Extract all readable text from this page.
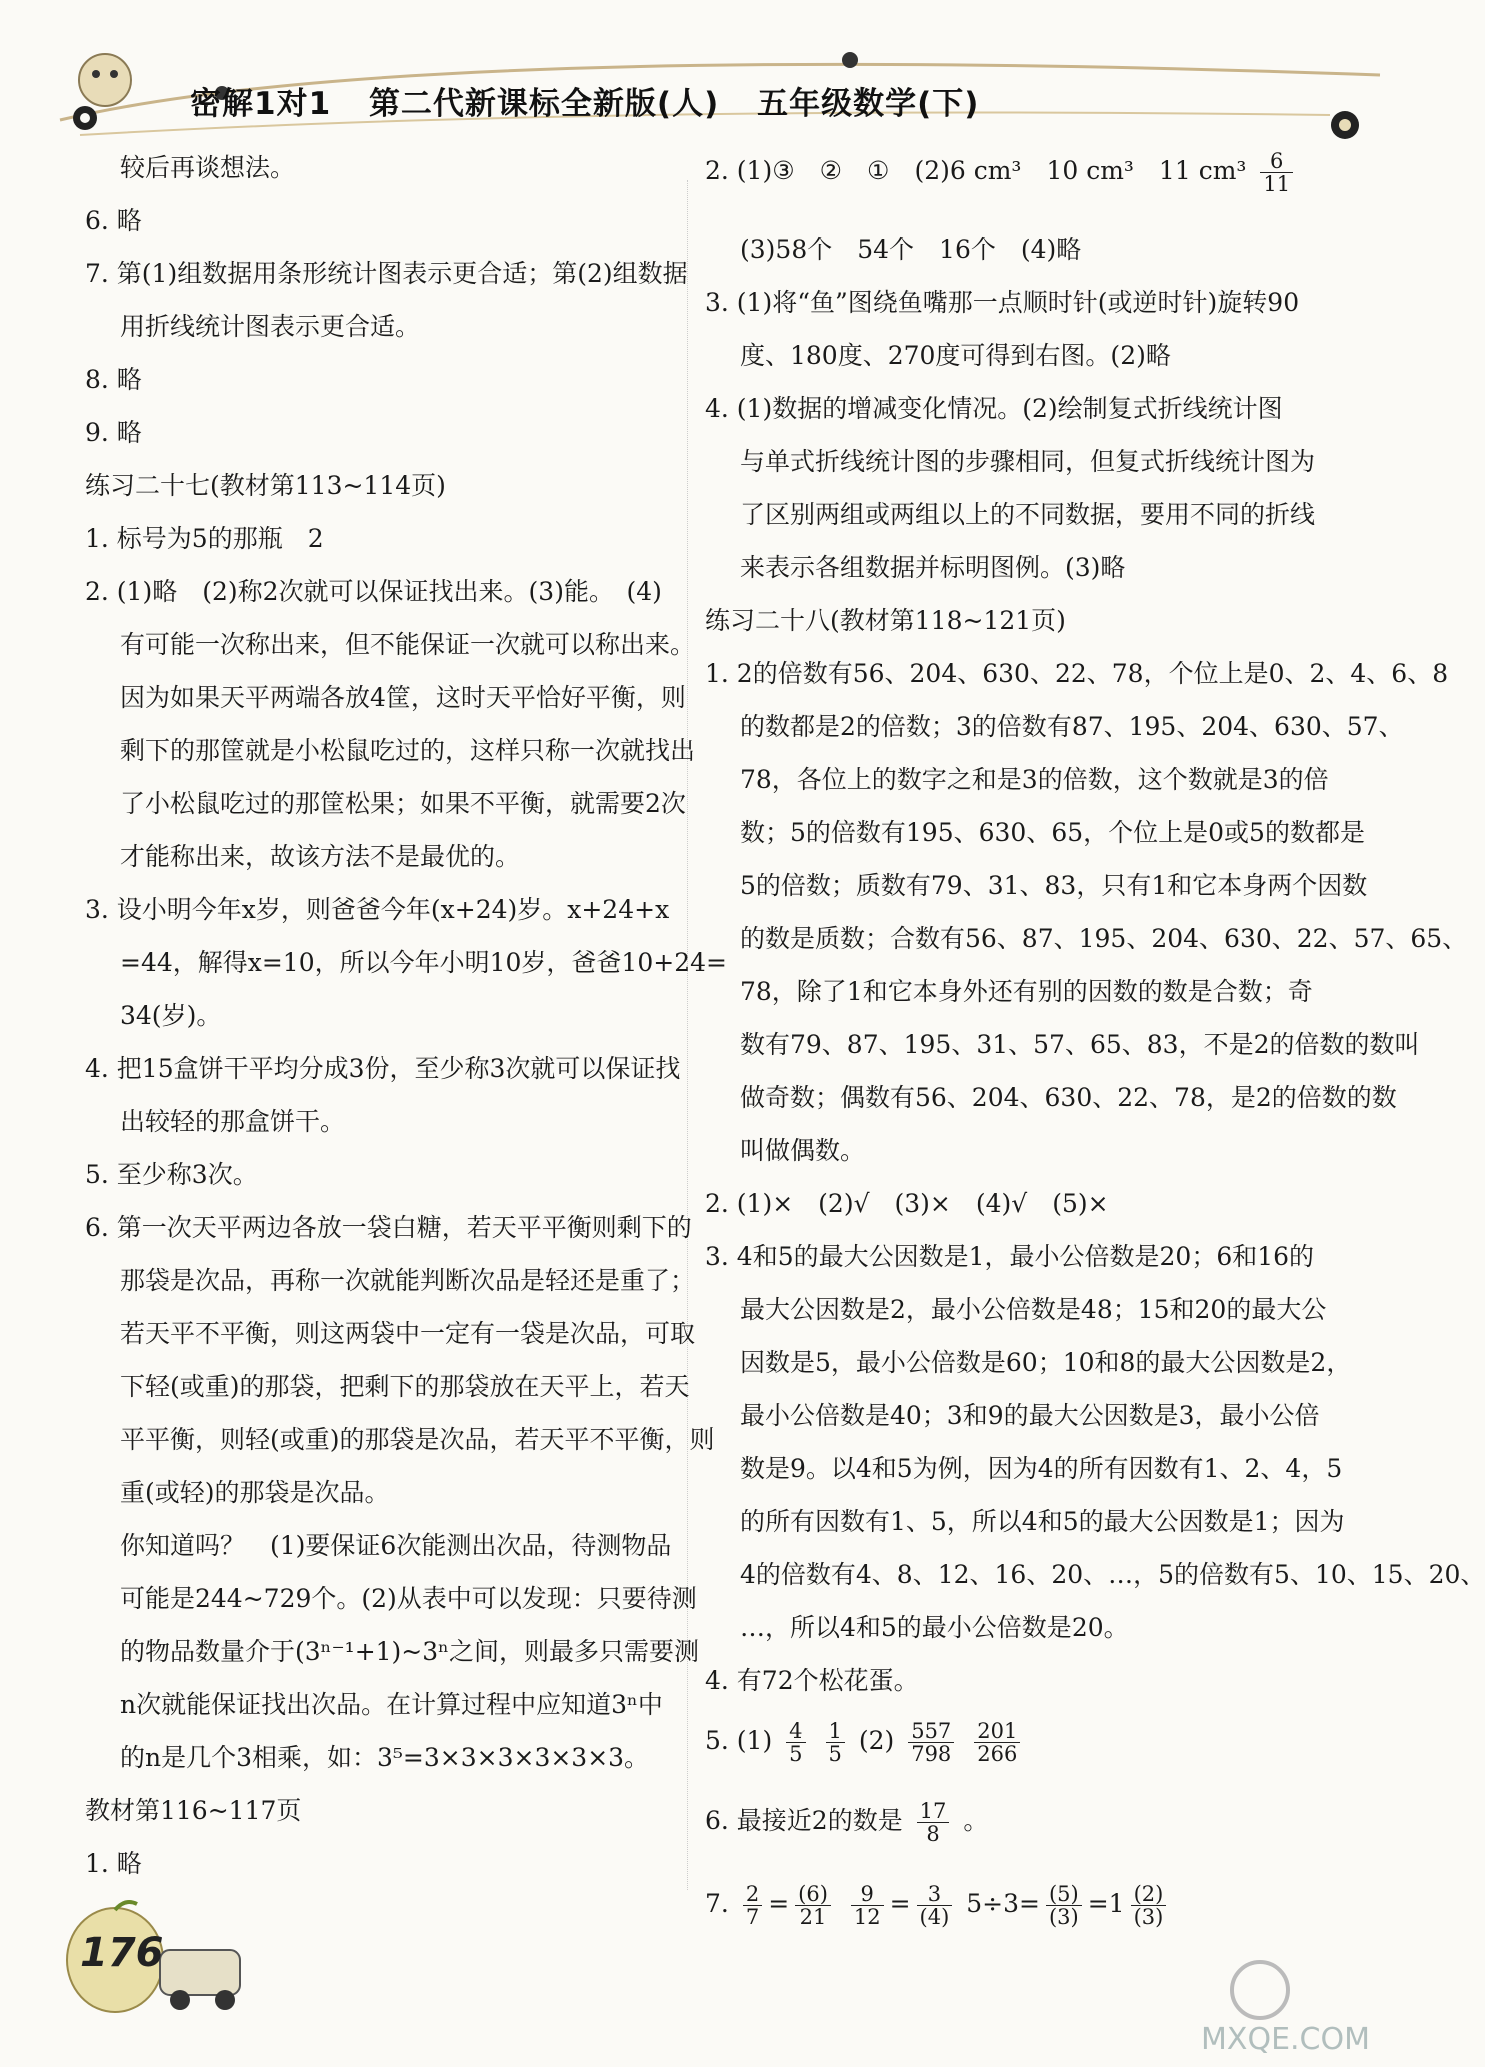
密解1对1 第二代新课标全新版(人) 五年级数学(下)
较后再谈想法。
6. 略
7. 第(1)组数据用条形统计图表示更合适；第(2)组数据
用折线统计图表示更合适。
8. 略
9. 略
练习二十七(教材第113~114页)
1. 标号为5的那瓶　2
2. (1)略　(2)称2次就可以保证找出来。(3)能。　(4)
有可能一次称出来，但不能保证一次就可以称出来。
因为如果天平两端各放4筐，这时天平恰好平衡，则
剩下的那筐就是小松鼠吃过的，这样只称一次就找出
了小松鼠吃过的那筐松果；如果不平衡，就需要2次
才能称出来，故该方法不是最优的。
3. 设小明今年x岁，则爸爸今年(x+24)岁。x+24+x
=44，解得x=10，所以今年小明10岁，爸爸10+24=
34(岁)。
4. 把15盒饼干平均分成3份，至少称3次就可以保证找
出较轻的那盒饼干。
5. 至少称3次。
6. 第一次天平两边各放一袋白糖，若天平平衡则剩下的
那袋是次品，再称一次就能判断次品是轻还是重了；
若天平不平衡，则这两袋中一定有一袋是次品，可取
下轻(或重)的那袋，把剩下的那袋放在天平上，若天
平平衡，则轻(或重)的那袋是次品，若天平不平衡，则
重(或轻)的那袋是次品。
你知道吗？　(1)要保证6次能测出次品，待测物品
可能是244~729个。(2)从表中可以发现：只要待测
的物品数量介于(3ⁿ⁻¹+1)~3ⁿ之间，则最多只需要测
n次就能保证找出次品。在计算过程中应知道3ⁿ中
的n是几个3相乘，如：3⁵=3×3×3×3×3×3。
教材第116~117页
1. 略
2. (1)③　②　①　(2)6 cm³　10 cm³　11 $cm^3 \frac{6}{11}$
(3)58个　54个　16个　(4)略
3. (1)将“鱼”图绕鱼嘴那一点顺时针(或逆时针)旋转90
度、180度、270度可得到右图。(2)略
4. (1)数据的增减变化情况。(2)绘制复式折线统计图
与单式折线统计图的步骤相同，但复式折线统计图为
了区别两组或两组以上的不同数据，要用不同的折线
来表示各组数据并标明图例。(3)略
练习二十八(教材第118~121页)
1. 2的倍数有56、204、630、22、78，个位上是0、2、4、6、8
的数都是2的倍数；3的倍数有87、195、204、630、57、
78，各位上的数字之和是3的倍数，这个数就是3的倍
数；5的倍数有195、630、65，个位上是0或5的数都是
5的倍数；质数有79、31、83，只有1和它本身两个因数
的数是质数；合数有56、87、195、204、630、22、57、65、
78，除了1和它本身外还有别的因数的数是合数；奇
数有79、87、195、31、57、65、83，不是2的倍数的数叫
做奇数；偶数有56、204、630、22、78，是2的倍数的数
叫做偶数。
2. (1)×　(2)√　(3)×　(4)√　(5)×
3. 4和5的最大公因数是1，最小公倍数是20；6和16的
最大公因数是2，最小公倍数是48；15和20的最大公
因数是5，最小公倍数是60；10和8的最大公因数是2，
最小公倍数是40；3和9的最大公因数是3，最小公倍
数是9。以4和5为例，因为4的所有因数有1、2、4，5
的所有因数有1、5，所以4和5的最大公因数是1；因为
4的倍数有4、8、12、16、20、…，5的倍数有5、10、15、20、
…，所以4和5的最小公倍数是20。
4. 有72个松花蛋。
5. $(1) \frac{4}{5}$
$\frac{1}{5} (2) \frac{557}{798}$
$\frac{201}{266}$
6. 最接近2的数是 $\frac{17}{8}$ 。
7. $\frac{2}{7} = \frac{(6)}{21}$
$\frac{9}{12} = \frac{3}{(4)} 5\div 3= \frac{(5)}{(3)} =1 \frac{(2)}{(3)}$
176
MXQE.COM
